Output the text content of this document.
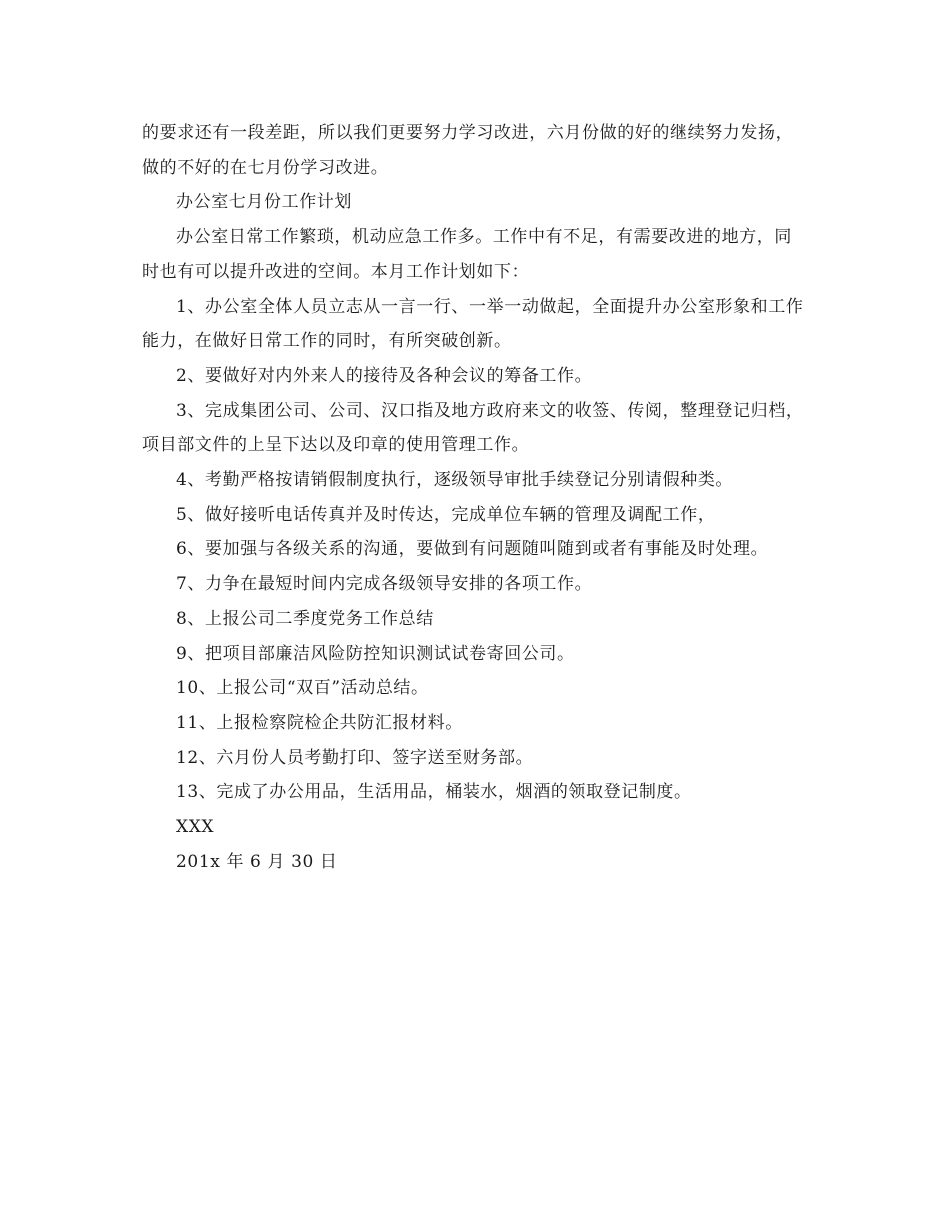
的要求还有一段差距，所以我们更要努力学习改进，六月份做的好的继续努力发扬，做的不好的在七月份学习改进。

办公室七月份工作计划

办公室日常工作繁琐，机动应急工作多。工作中有不足，有需要改进的地方，同时也有可以提升改进的空间。本月工作计划如下：

1、办公室全体人员立志从一言一行、一举一动做起，全面提升办公室形象和工作能力，在做好日常工作的同时，有所突破创新。

2、要做好对内外来人的接待及各种会议的筹备工作。

3、完成集团公司、公司、汉口指及地方政府来文的收签、传阅，整理登记归档，项目部文件的上呈下达以及印章的使用管理工作。

4、考勤严格按请销假制度执行，逐级领导审批手续登记分别请假种类。

5、做好接听电话传真并及时传达，完成单位车辆的管理及调配工作，

6、要加强与各级关系的沟通，要做到有问题随叫随到或者有事能及时处理。

7、力争在最短时间内完成各级领导安排的各项工作。

8、上报公司二季度党务工作总结

9、把项目部廉洁风险防控知识测试试卷寄回公司。

10、上报公司“双百”活动总结。

11、上报检察院检企共防汇报材料。

12、六月份人员考勤打印、签字送至财务部。

13、完成了办公用品，生活用品，桶装水，烟酒的领取登记制度。

XXX

201x 年 6 月 30 日
